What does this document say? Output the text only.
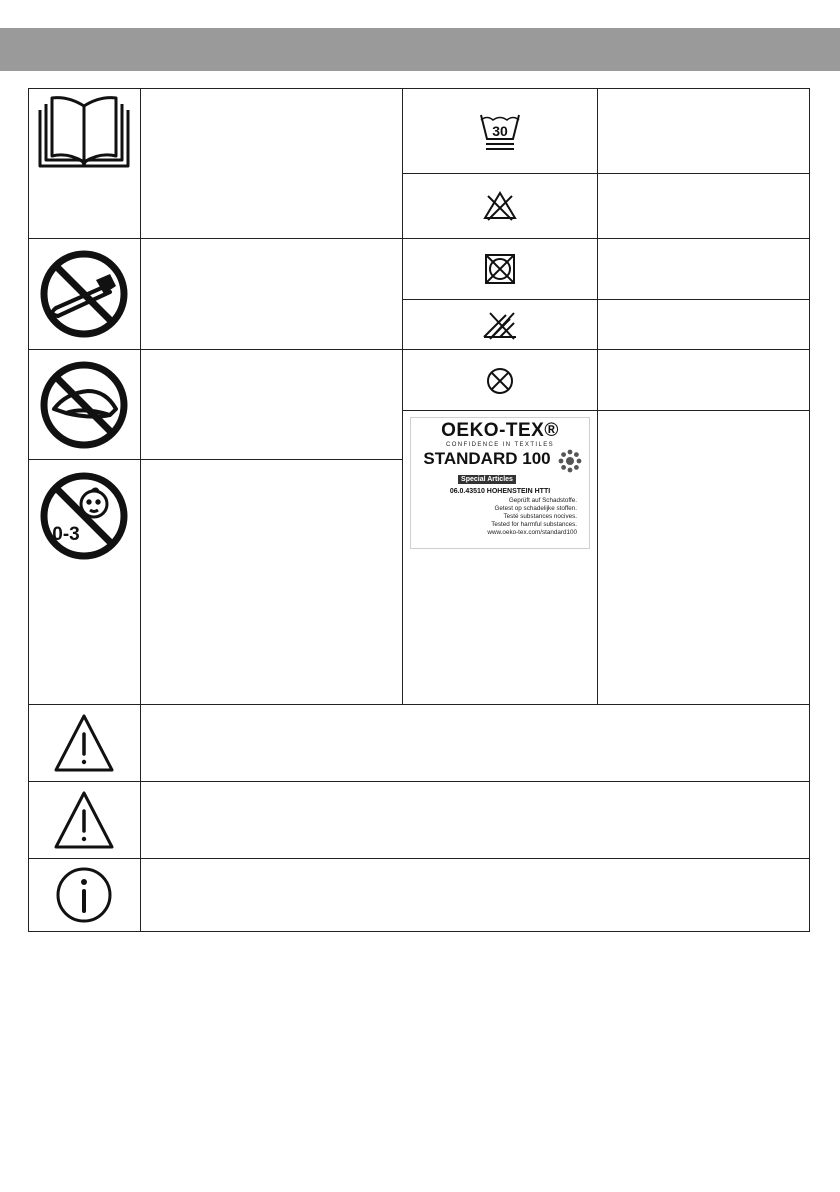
30
OEKO-TEX®
CONFIDENCE IN TEXTILES
STANDARD 100
Special Articles
06.0.43510 HOHENSTEIN HTTI
Geprüft auf Schadstoffe.
Getest op schadelijke stoffen.
Testé substances nocives.
Tested for harmful substances.
www.oeko-tex.com/standard100
0-3
